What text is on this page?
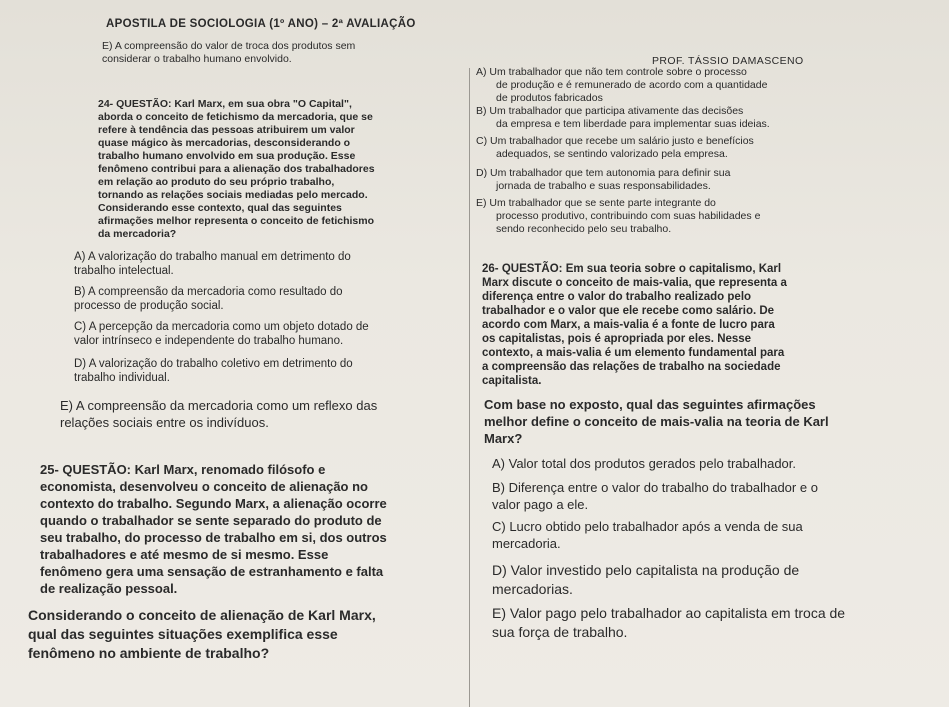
APOSTILA DE SOCIOLOGIA (1º ANO) – 2ª AVALIAÇÃO

PROF. TÁSSIO DAMASCENO

E) A compreensão do valor de troca dos produtos sem
considerar o trabalho humano envolvido.
24- QUESTÃO: Karl Marx, em sua obra "O Capital",
aborda o conceito de fetichismo da mercadoria, que se
refere à tendência das pessoas atribuirem um valor
quase mágico às mercadorias, desconsiderando o
trabalho humano envolvido em sua produção. Esse
fenômeno contribui para a alienação dos trabalhadores
em relação ao produto do seu próprio trabalho,
tornando as relações sociais mediadas pelo mercado.
Considerando esse contexto, qual das seguintes
afirmações melhor representa o conceito de fetichismo
da mercadoria?
A) A valorização do trabalho manual em detrimento do
trabalho intelectual.
B) A compreensão da mercadoria como resultado do
processo de produção social.
C) A percepção da mercadoria como um objeto dotado de
valor intrínseco e independente do trabalho humano.
D) A valorização do trabalho coletivo em detrimento do
trabalho individual.
E) A compreensão da mercadoria como um reflexo das
relações sociais entre os indivíduos.
25- QUESTÃO: Karl Marx, renomado filósofo e
economista, desenvolveu o conceito de alienação no
contexto do trabalho. Segundo Marx, a alienação ocorre
quando o trabalhador se sente separado do produto de
seu trabalho, do processo de trabalho em si, dos outros
trabalhadores e até mesmo de si mesmo. Esse
fenômeno gera uma sensação de estranhamento e falta
de realização pessoal.
Considerando o conceito de alienação de Karl Marx,
qual das seguintes situações exemplifica esse
fenômeno no ambiente de trabalho?
A) Um trabalhador que não tem controle sobre o processo
de produção e é remunerado de acordo com a quantidade
de produtos fabricados
B) Um trabalhador que participa ativamente das decisões
da empresa e tem liberdade para implementar suas ideias.
C) Um trabalhador que recebe um salário justo e benefícios
adequados, se sentindo valorizado pela empresa.
D) Um trabalhador que tem autonomia para definir sua
jornada de trabalho e suas responsabilidades.
E) Um trabalhador que se sente parte integrante do
processo produtivo, contribuindo com suas habilidades e
sendo reconhecido pelo seu trabalho.
26- QUESTÃO: Em sua teoria sobre o capitalismo, Karl
Marx discute o conceito de mais-valia, que representa a
diferença entre o valor do trabalho realizado pelo
trabalhador e o valor que ele recebe como salário. De
acordo com Marx, a mais-valia é a fonte de lucro para
os capitalistas, pois é apropriada por eles. Nesse
contexto, a mais-valia é um elemento fundamental para
a compreensão das relações de trabalho na sociedade
capitalista.
Com base no exposto, qual das seguintes afirmações
melhor define o conceito de mais-valia na teoria de Karl
Marx?
A) Valor total dos produtos gerados pelo trabalhador.
B) Diferença entre o valor do trabalho do trabalhador e o
valor pago a ele.
C) Lucro obtido pelo trabalhador após a venda de sua
mercadoria.
D) Valor investido pelo capitalista na produção de
mercadorias.
E) Valor pago pelo trabalhador ao capitalista em troca de
sua força de trabalho.
